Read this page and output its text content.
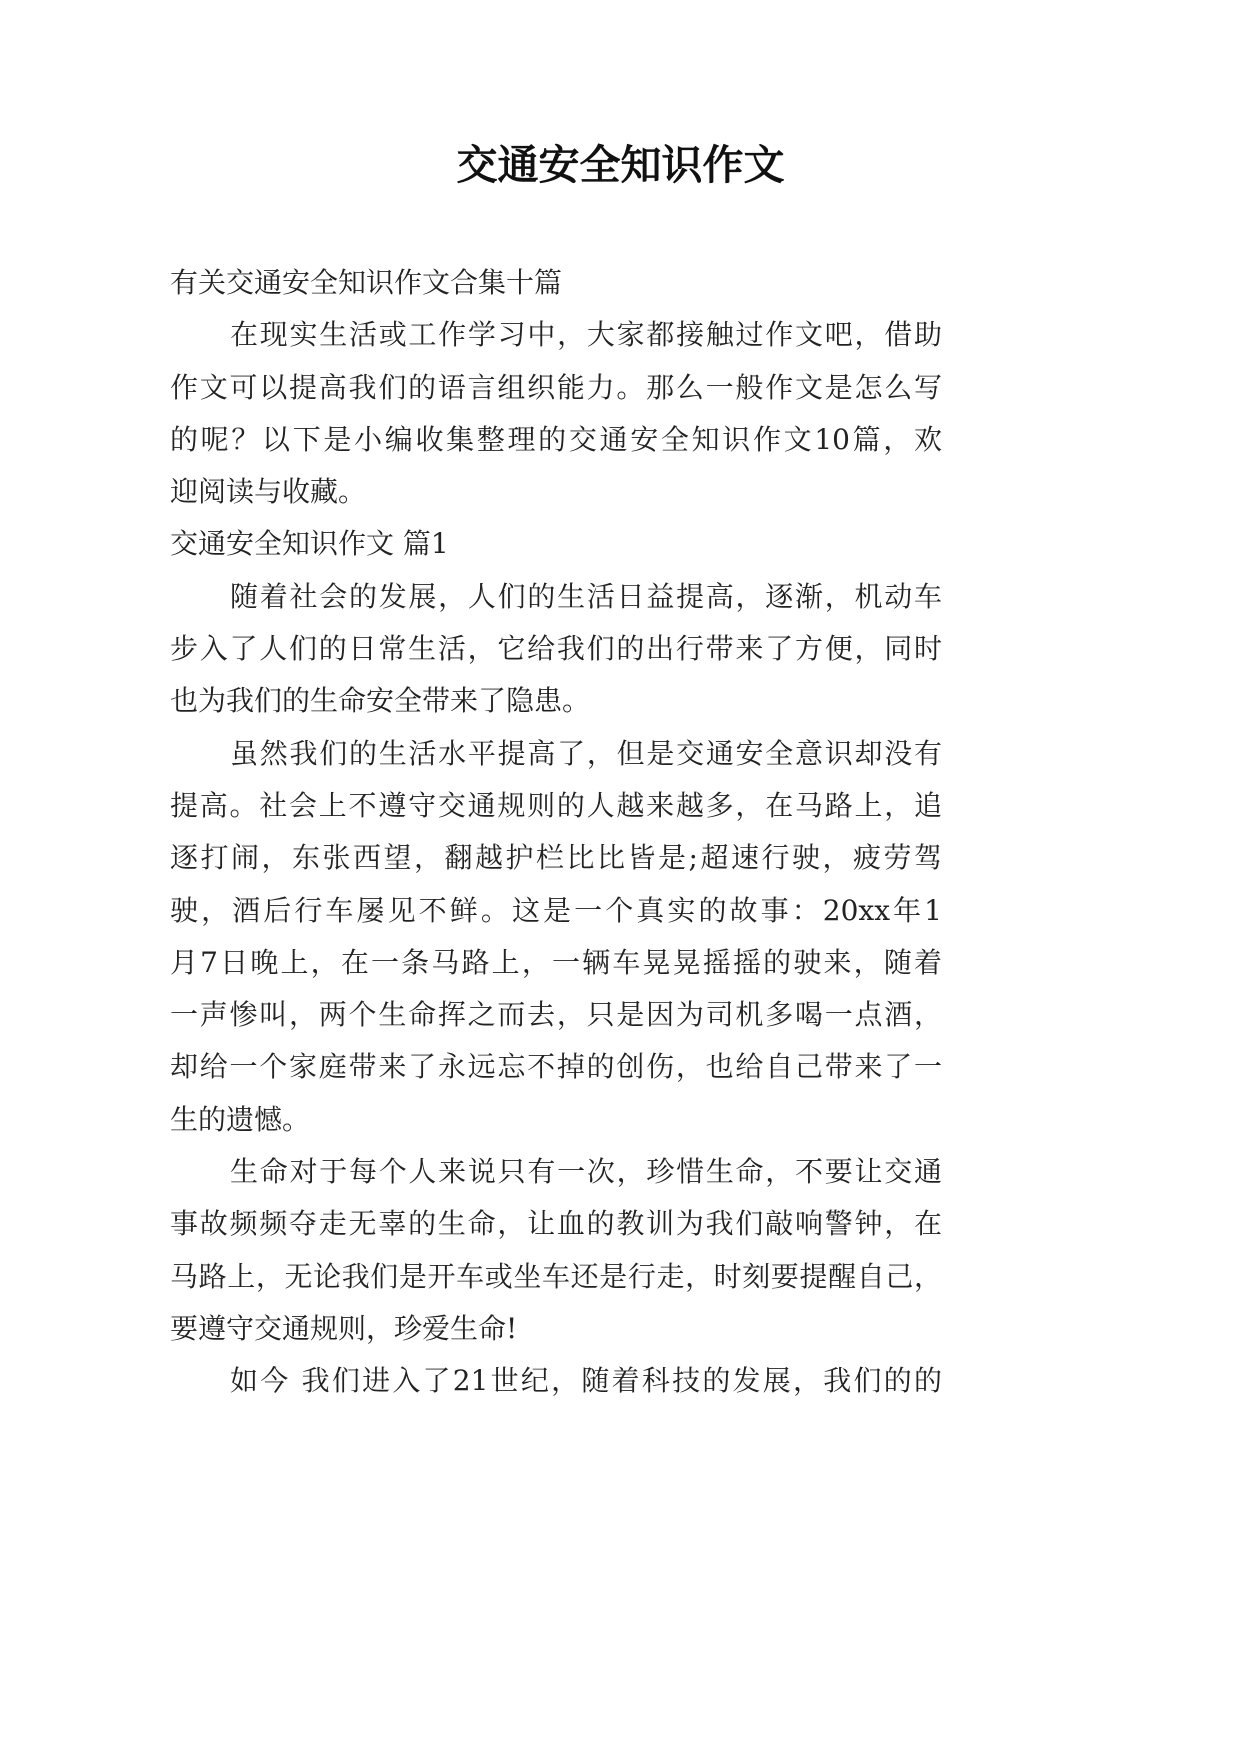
交通安全知识作文
有关交通安全知识作文合集十篇
在现实生活或工作学习中，大家都接触过作文吧，借助
作文可以提高我们的语言组织能力。那么一般作文是怎么写
的呢？以下是小编收集整理的交通安全知识作文10篇，欢
迎阅读与收藏。
交通安全知识作文 篇1
随着社会的发展，人们的生活日益提高，逐渐，机动车
步入了人们的日常生活，它给我们的出行带来了方便，同时
也为我们的生命安全带来了隐患。
虽然我们的生活水平提高了，但是交通安全意识却没有
提高。社会上不遵守交通规则的人越来越多，在马路上，追
逐打闹，东张西望，翻越护栏比比皆是;超速行驶，疲劳驾
驶，酒后行车屡见不鲜。这是一个真实的故事：20xx年1
月7日晚上，在一条马路上，一辆车晃晃摇摇的驶来，随着
一声惨叫，两个生命挥之而去，只是因为司机多喝一点酒，
却给一个家庭带来了永远忘不掉的创伤，也给自己带来了一
生的遗憾。
生命对于每个人来说只有一次，珍惜生命，不要让交通
事故频频夺走无辜的生命，让血的教训为我们敲响警钟，在
马路上，无论我们是开车或坐车还是行走，时刻要提醒自己，
要遵守交通规则，珍爱生命!
如今 我们进入了21世纪，随着科技的发展，我们的的
